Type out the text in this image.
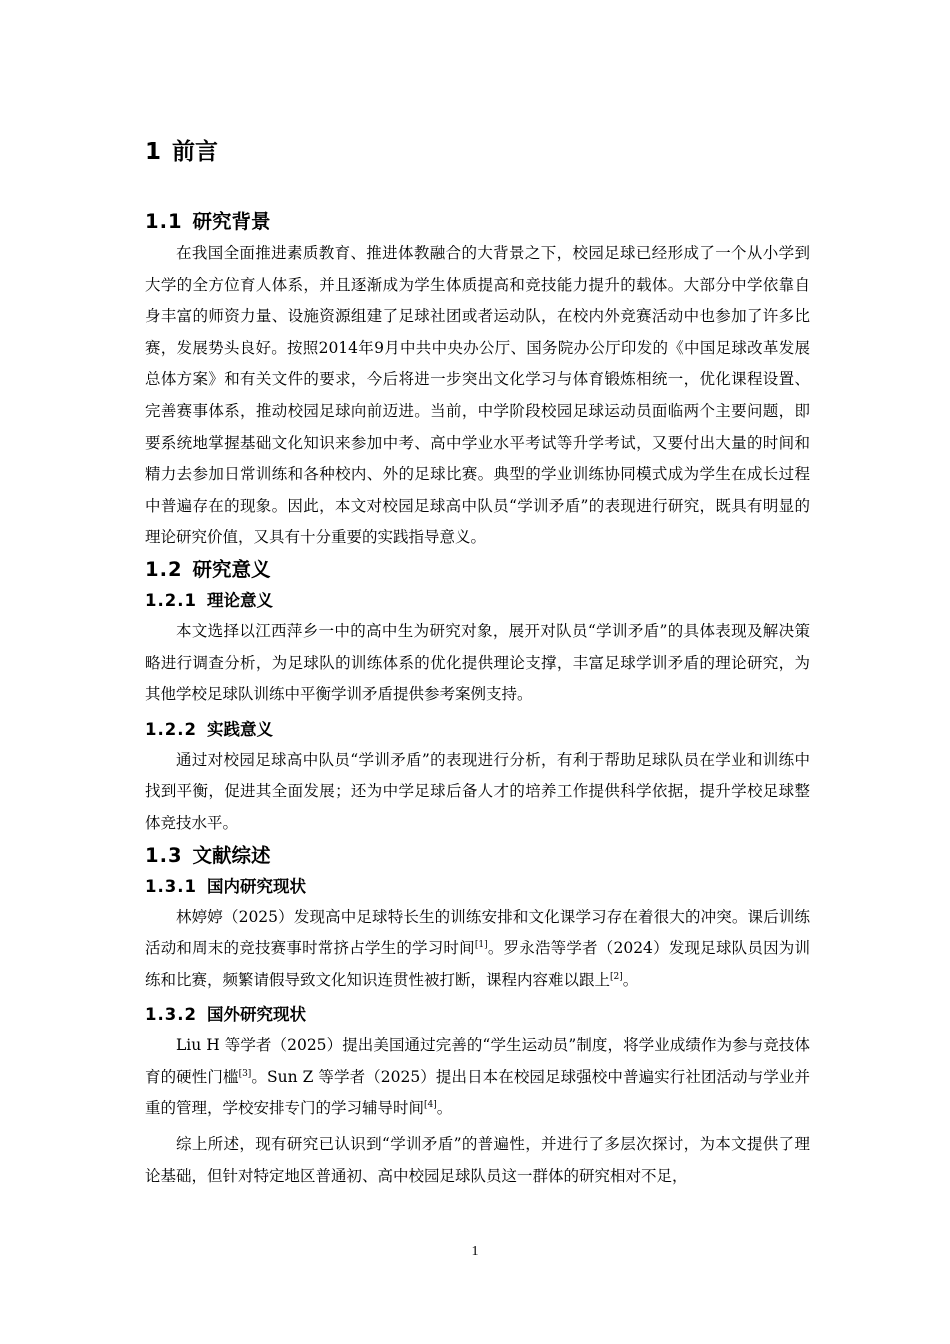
1 前言
1.1 研究背景

在我国全面推进素质教育、推进体教融合的大背景之下，校园足球已经形成了一个从小学到大学的全方位育人体系，并且逐渐成为学生体质提高和竞技能力提升的载体。大部分中学依靠自身丰富的师资力量、设施资源组建了足球社团或者运动队，在校内外竞赛活动中也参加了许多比赛，发展势头良好。按照2014年9月中共中央办公厅、国务院办公厅印发的《中国足球改革发展总体方案》和有关文件的要求，今后将进一步突出文化学习与体育锻炼相统一，优化课程设置、完善赛事体系，推动校园足球向前迈进。当前，中学阶段校园足球运动员面临两个主要问题，即要系统地掌握基础文化知识来参加中考、高中学业水平考试等升学考试，又要付出大量的时间和精力去参加日常训练和各种校内、外的足球比赛。典型的学业训练协同模式成为学生在成长过程中普遍存在的现象。因此，本文对校园足球高中队员“学训矛盾”的表现进行研究，既具有明显的理论研究价值，又具有十分重要的实践指导意义。

1.2 研究意义
1.2.1 理论意义

本文选择以江西萍乡一中的高中生为研究对象，展开对队员“学训矛盾”的具体表现及解决策略进行调查分析，为足球队的训练体系的优化提供理论支撑，丰富足球学训矛盾的理论研究，为其他学校足球队训练中平衡学训矛盾提供参考案例支持。

1.2.2 实践意义

通过对校园足球高中队员“学训矛盾”的表现进行分析，有利于帮助足球队员在学业和训练中找到平衡，促进其全面发展；还为中学足球后备人才的培养工作提供科学依据，提升学校足球整体竞技水平。

1.3 文献综述
1.3.1 国内研究现状

林婷婷（2025）发现高中足球特长生的训练安排和文化课学习存在着很大的冲突。课后训练活动和周末的竞技赛事时常挤占学生的学习时间[1]。罗永浩等学者（2024）发现足球队员因为训练和比赛，频繁请假导致文化知识连贯性被打断，课程内容难以跟上[2]。

1.3.2 国外研究现状

Liu H 等学者（2025）提出美国通过完善的“学生运动员”制度，将学业成绩作为参与竞技体育的硬性门槛[3]。Sun Z 等学者（2025）提出日本在校园足球强校中普遍实行社团活动与学业并重的管理，学校安排专门的学习辅导时间[4]。

综上所述，现有研究已认识到“学训矛盾”的普遍性，并进行了多层次探讨，为本文提供了理论基础，但针对特定地区普通初、高中校园足球队员这一群体的研究相对不足，

1
